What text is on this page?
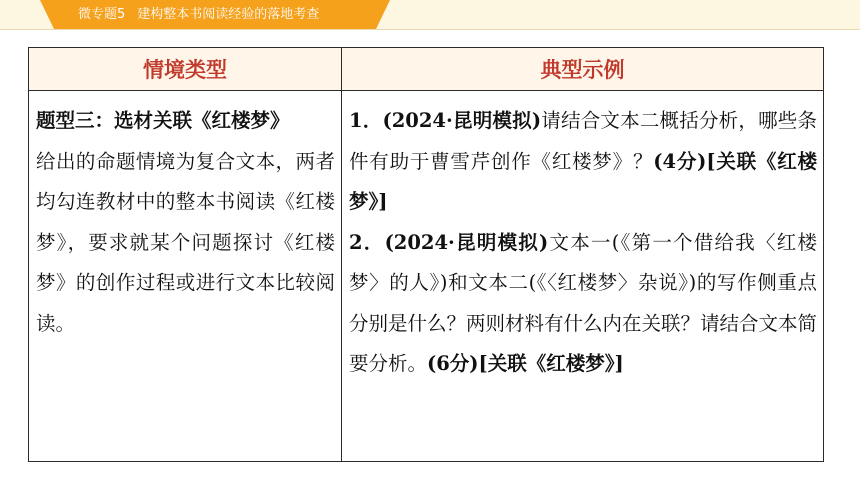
微专题5 建构整本书阅读经验的落地考查
情境类型	典型示例
题型三：选材关联《红楼梦》
给出的命题情境为复合文本，两者均勾连教材中的整本书阅读《红楼梦》，要求就某个问题探讨《红楼梦》的创作过程或进行文本比较阅读。	1．(2024·昆明模拟)请结合文本二概括分析，哪些条件有助于曹雪芹创作《红楼梦》？(4分)[关联《红楼梦》]
2．(2024·昆明模拟)文本一(《第一个借给我〈红楼梦〉的人》)和文本二(《〈红楼梦〉杂说》)的写作侧重点分别是什么？两则材料有什么内在关联？请结合文本简要分析。(6分)[关联《红楼梦》]
